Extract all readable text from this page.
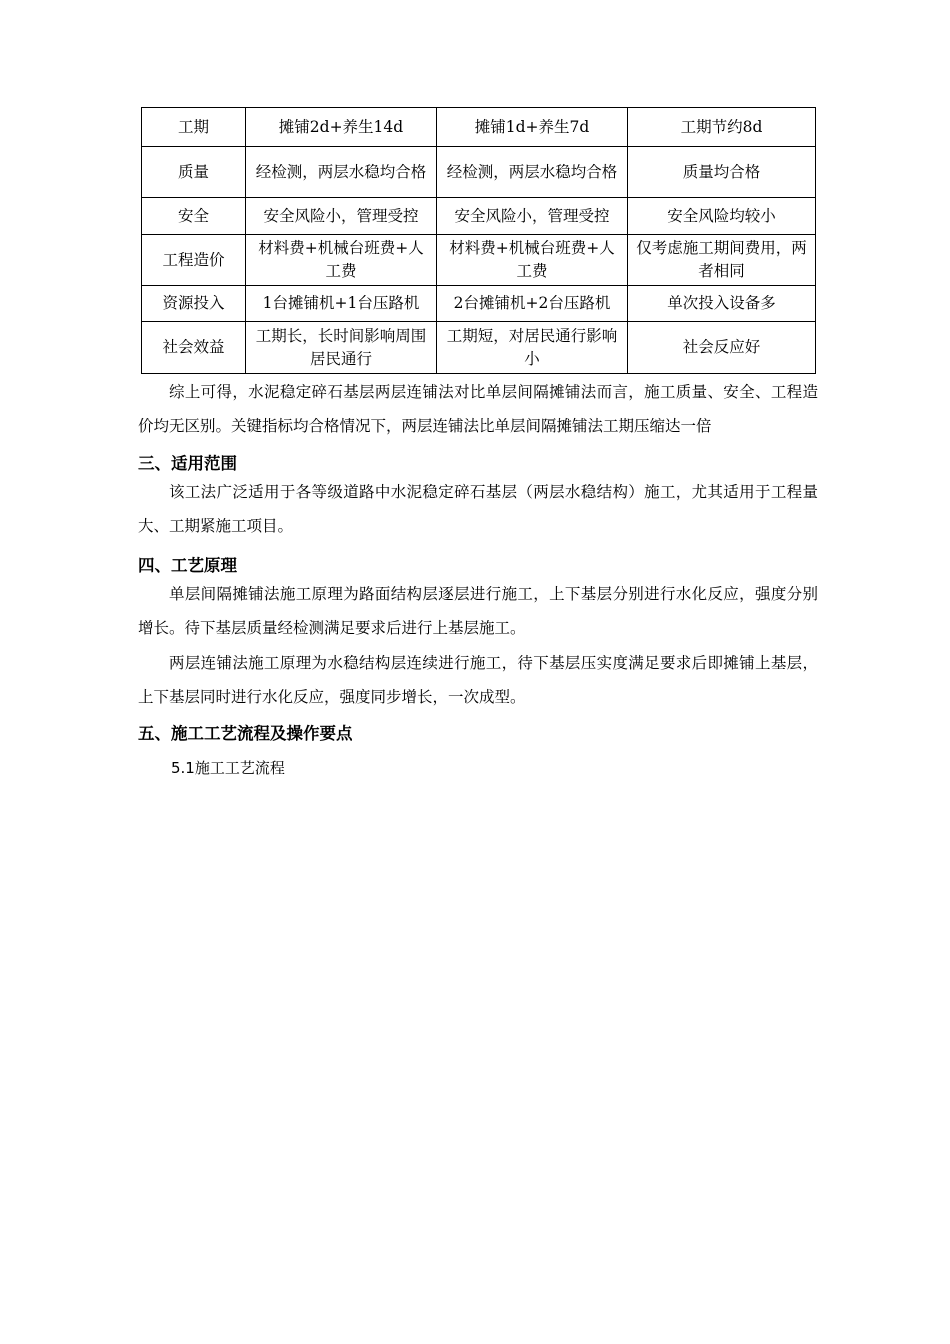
工期	摊铺2d+养生14d	摊铺1d+养生7d	工期节约8d
质量	经检测，两层水稳均合格	经检测，两层水稳均合格	质量均合格
安全	安全风险小，管理受控	安全风险小，管理受控	安全风险均较小
工程造价	材料费+机械台班费+人工费	材料费+机械台班费+人工费	仅考虑施工期间费用，两者相同
资源投入	1台摊铺机+1台压路机	2台摊铺机+2台压路机	单次投入设备多
社会效益	工期长，长时间影响周围居民通行	工期短，对居民通行影响小	社会反应好

综上可得，水泥稳定碎石基层两层连铺法对比单层间隔摊铺法而言，施工质量、安全、工程造价均无区别。关键指标均合格情况下，两层连铺法比单层间隔摊铺法工期压缩达一倍

三、适用范围

该工法广泛适用于各等级道路中水泥稳定碎石基层（两层水稳结构）施工，尤其适用于工程量大、工期紧施工项目。

四、工艺原理

单层间隔摊铺法施工原理为路面结构层逐层进行施工，上下基层分别进行水化反应，强度分别增长。待下基层质量经检测满足要求后进行上基层施工。

两层连铺法施工原理为水稳结构层连续进行施工，待下基层压实度满足要求后即摊铺上基层，上下基层同时进行水化反应，强度同步增长，一次成型。

五、施工工艺流程及操作要点

5.1施工工艺流程
